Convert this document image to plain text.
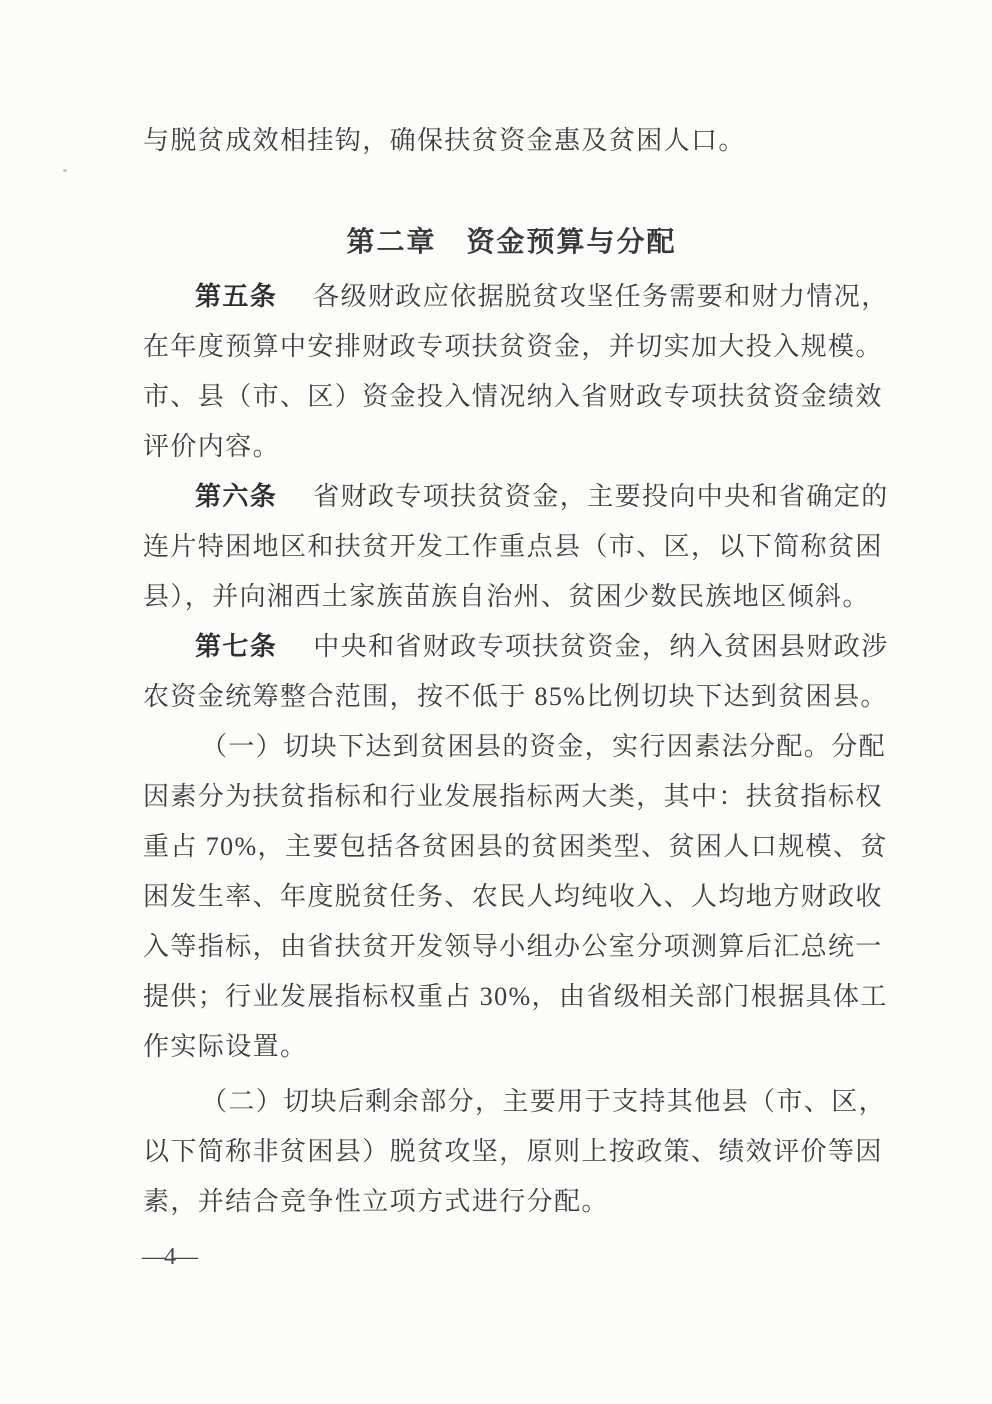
与脱贫成效相挂钩，确保扶贫资金惠及贫困人口。

第二章　资金预算与分配

第五条 各级财政应依据脱贫攻坚任务需要和财力情况，

在年度预算中安排财政专项扶贫资金，并切实加大投入规模。

市、县（市、区）资金投入情况纳入省财政专项扶贫资金绩效

评价内容。

第六条 省财政专项扶贫资金，主要投向中央和省确定的

连片特困地区和扶贫开发工作重点县（市、区，以下简称贫困

县），并向湘西土家族苗族自治州、贫困少数民族地区倾斜。

第七条 中央和省财政专项扶贫资金，纳入贫困县财政涉

农资金统筹整合范围，按不低于 85%比例切块下达到贫困县。

（一）切块下达到贫困县的资金，实行因素法分配。分配

因素分为扶贫指标和行业发展指标两大类，其中：扶贫指标权

重占 70%，主要包括各贫困县的贫困类型、贫困人口规模、贫

困发生率、年度脱贫任务、农民人均纯收入、人均地方财政收

入等指标，由省扶贫开发领导小组办公室分项测算后汇总统一

提供；行业发展指标权重占 30%，由省级相关部门根据具体工

作实际设置。

（二）切块后剩余部分，主要用于支持其他县（市、区，

以下简称非贫困县）脱贫攻坚，原则上按政策、绩效评价等因

素，并结合竞争性立项方式进行分配。

—4—
